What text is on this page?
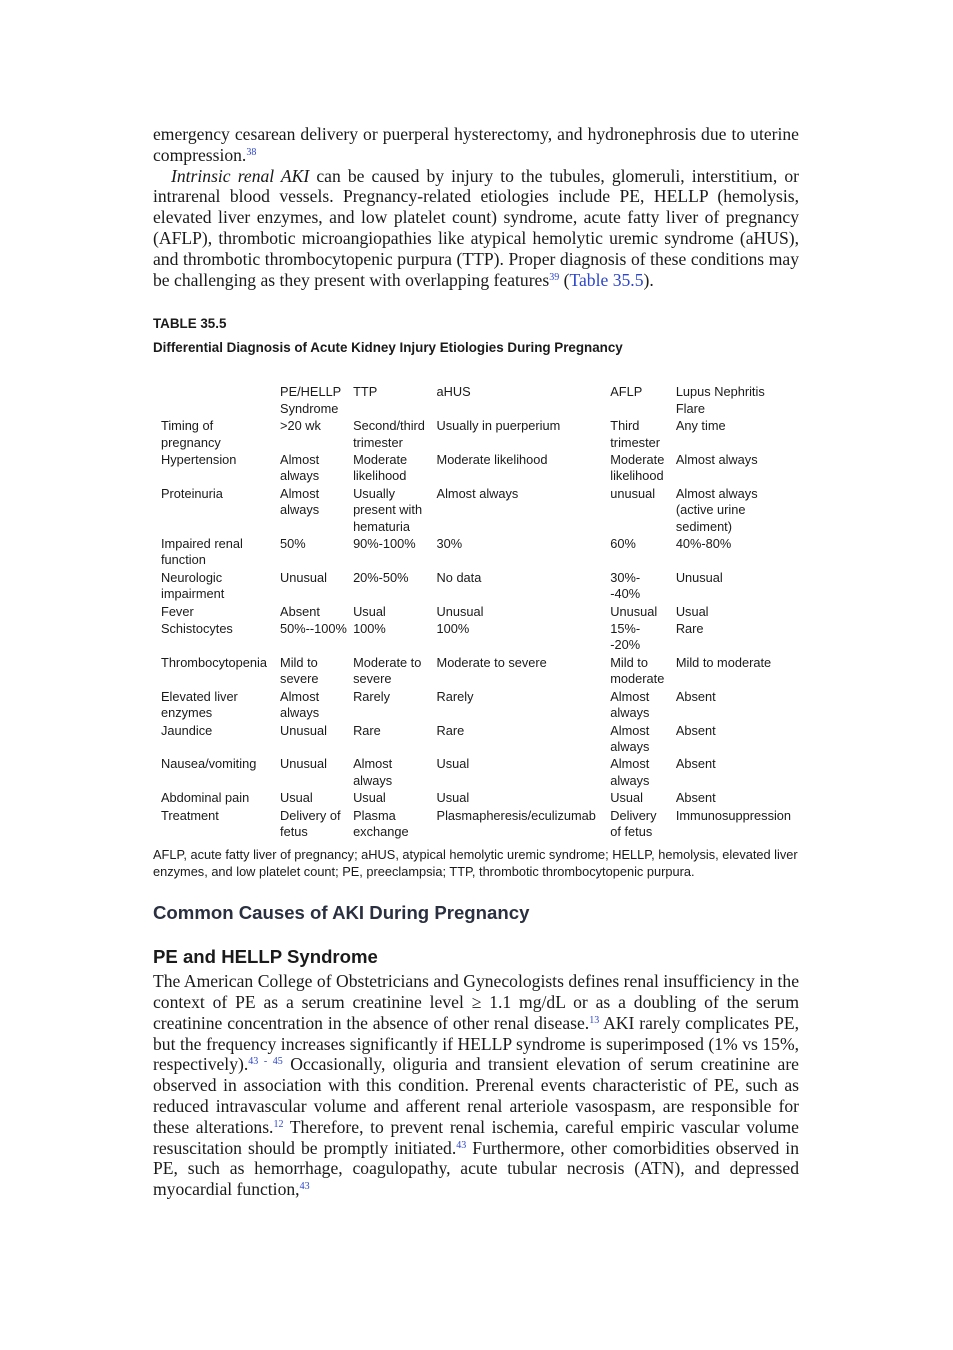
emergency cesarean delivery or puerperal hysterectomy, and hydronephrosis due to uterine compression.$^{38}$

Intrinsic renal AKI can be caused by injury to the tubules, glomeruli, interstitium, or intrarenal blood vessels. Pregnancy-related etiologies include PE, HELLP (hemolysis, elevated liver enzymes, and low platelet count) syndrome, acute fatty liver of pregnancy (AFLP), thrombotic microangiopathies like atypical hemolytic uremic syndrome (aHUS), and thrombotic thrombocytopenic purpura (TTP). Proper diagnosis of these conditions may be challenging as they present with overlapping features$^{39}$ (Table 35.5).

TABLE 35.5
Differential Diagnosis of Acute Kidney Injury Etiologies During Pregnancy
	PE/HELLP Syndrome	TTP	aHUS	AFLP	Lupus Nephritis Flare
Timing of pregnancy	>20 wk	Second/third trimester	Usually in puerperium	Third trimester	Any time
Hypertension	Almost always	Moderate likelihood	Moderate likelihood	Moderate likelihood	Almost always
Proteinuria	Almost always	Usually present with hematuria	Almost always	unusual	Almost always (active urine sediment)
Impaired renal function	50%	90%-100%	30%	60%	40%-80%
Neurologic impairment	Unusual	20%-50%	No data	30%--40%	Unusual
Fever	Absent	Usual	Unusual	Unusual	Usual
Schistocytes	50%--100%	100%	100%	15%--20%	Rare
Thrombocytopenia	Mild to severe	Moderate to severe	Moderate to severe	Mild to moderate	Mild to moderate
Elevated liver enzymes	Almost always	Rarely	Rarely	Almost always	Absent
Jaundice	Unusual	Rare	Rare	Almost always	Absent
Nausea/vomiting	Unusual	Almost always	Usual	Almost always	Absent
Abdominal pain	Usual	Usual	Usual	Usual	Absent
Treatment	Delivery of fetus	Plasma exchange	Plasmapheresis/eculizumab	Delivery of fetus	Immunosuppression
AFLP, acute fatty liver of pregnancy; aHUS, atypical hemolytic uremic syndrome; HELLP, hemolysis, elevated liver enzymes, and low platelet count; PE, preeclampsia; TTP, thrombotic thrombocytopenic purpura.
Common Causes of AKI During Pregnancy
PE and HELLP Syndrome

The American College of Obstetricians and Gynecologists defines renal insufficiency in the context of PE as a serum creatinine level ≥ 1.1 mg/dL or as a doubling of the serum creatinine concentration in the absence of other renal disease.$^{13}$ AKI rarely complicates PE, but the frequency increases significantly if HELLP syndrome is superimposed (1% vs 15%, respectively).$^{43 - 45}$ Occasionally, oliguria and transient elevation of serum creatinine are observed in association with this condition. Prerenal events characteristic of PE, such as reduced intravascular volume and afferent renal arteriole vasospasm, are responsible for these alterations.$^{12}$ Therefore, to prevent renal ischemia, careful empiric vascular volume resuscitation should be promptly initiated.$^{43}$ Furthermore, other comorbidities observed in PE, such as hemorrhage, coagulopathy, acute tubular necrosis (ATN), and depressed myocardial function,$^{43}$
